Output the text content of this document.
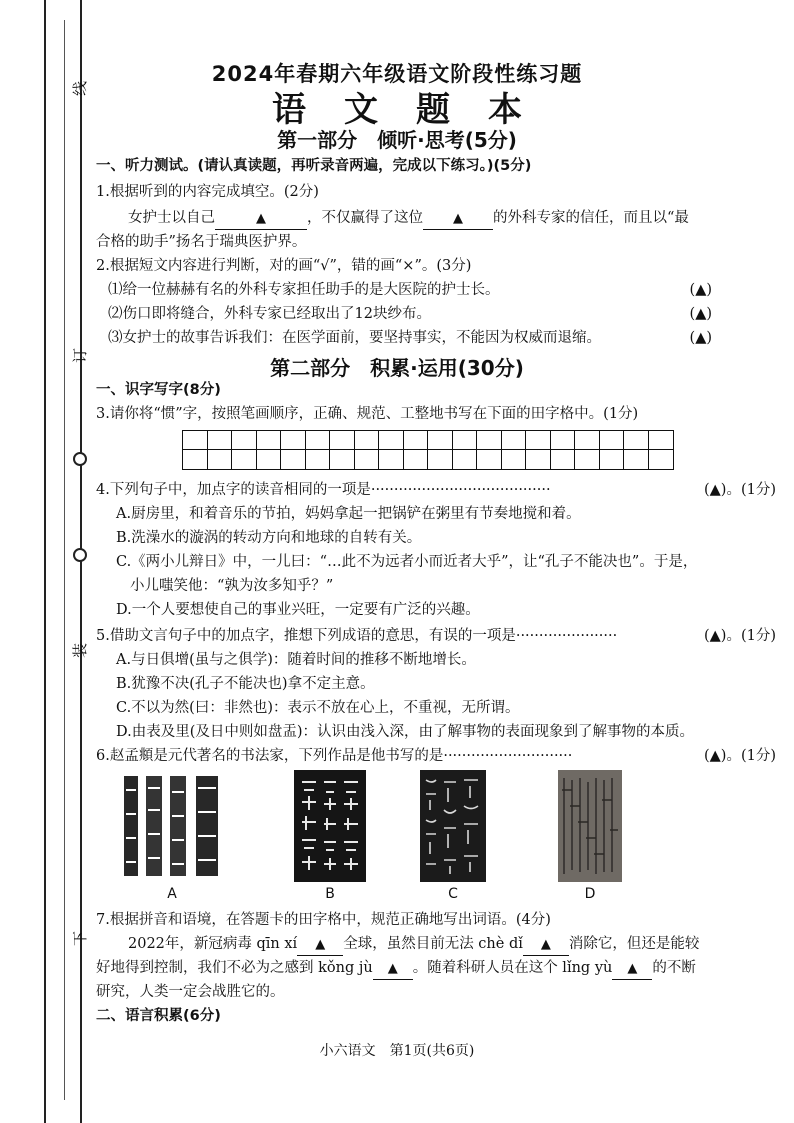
线
订
装
下
2024年春期六年级语文阶段性练习题
语文题本
第一部分　倾听·思考(5分)
一、听力测试。(请认真读题，再听录音两遍，完成以下练习。)(5分)
1.根据听到的内容完成填空。(2分)
女护士以自己	▲	，不仅赢得了这位 ▲ 的外科专家的信任，而且以“最
合格的助手”扬名于瑞典医护界。
2.根据短文内容进行判断，对的画“√”，错的画“×”。(3分)
⑴给一位赫赫有名的外科专家担任助手的是大医院的护士长。	(▲)
⑵伤口即将缝合，外科专家已经取出了12块纱布。	(▲)
⑶女护士的故事告诉我们：在医学面前，要坚持事实，不能因为权威而退缩。	(▲)
第二部分　积累·运用(30分)
一、识字写字(8分)
3.请你将“惯”字，按照笔画顺序，正确、规范、工整地书写在下面的田字格中。(1分)
4.下列句子中，加点字的读音相同的一项是·······································	(▲)。(1分)
A.厨房里，和着音乐的节拍，妈妈拿起一把锅铲在粥里有节奏地搅和着。
B.洗澡水的漩涡的转动方向和地球的自转有关。
C.《两小儿辩日》中，一儿曰：“…此不为远者小而近者大乎”，让“孔子不能决也”。于是，
小儿嗤笑他：“孰为汝多知乎？”
D.一个人要想使自己的事业兴旺，一定要有广泛的兴趣。
5.借助文言句子中的加点字，推想下列成语的意思，有误的一项是······················	(▲)。(1分)
A.与日俱增(虽与之俱学)：随着时间的推移不断地增长。
B.犹豫不决(孔子不能决也)拿不定主意。
C.不以为然(曰：非然也)：表示不放在心上，不重视，无所谓。
D.由表及里(及日中则如盘盂)：认识由浅入深，由了解事物的表面现象到了解事物的本质。
6.赵孟頫是元代著名的书法家，下列作品是他书写的是····························	(▲)。(1分)
A	B	C	D
7.根据拼音和语境，在答题卡的田字格中，规范正确地写出词语。(4分)
2022年，新冠病毒 qīn xí ▲ 全球，虽然目前无法 chè dǐ ▲ 消除它，但还是能较
好地得到控制，我们不必为之感到 kǒng jù ▲ 。随着科研人员在这个 lǐng yù ▲ 的不断
研究，人类一定会战胜它的。
二、语言积累(6分)
小六语文　第1页(共6页)
